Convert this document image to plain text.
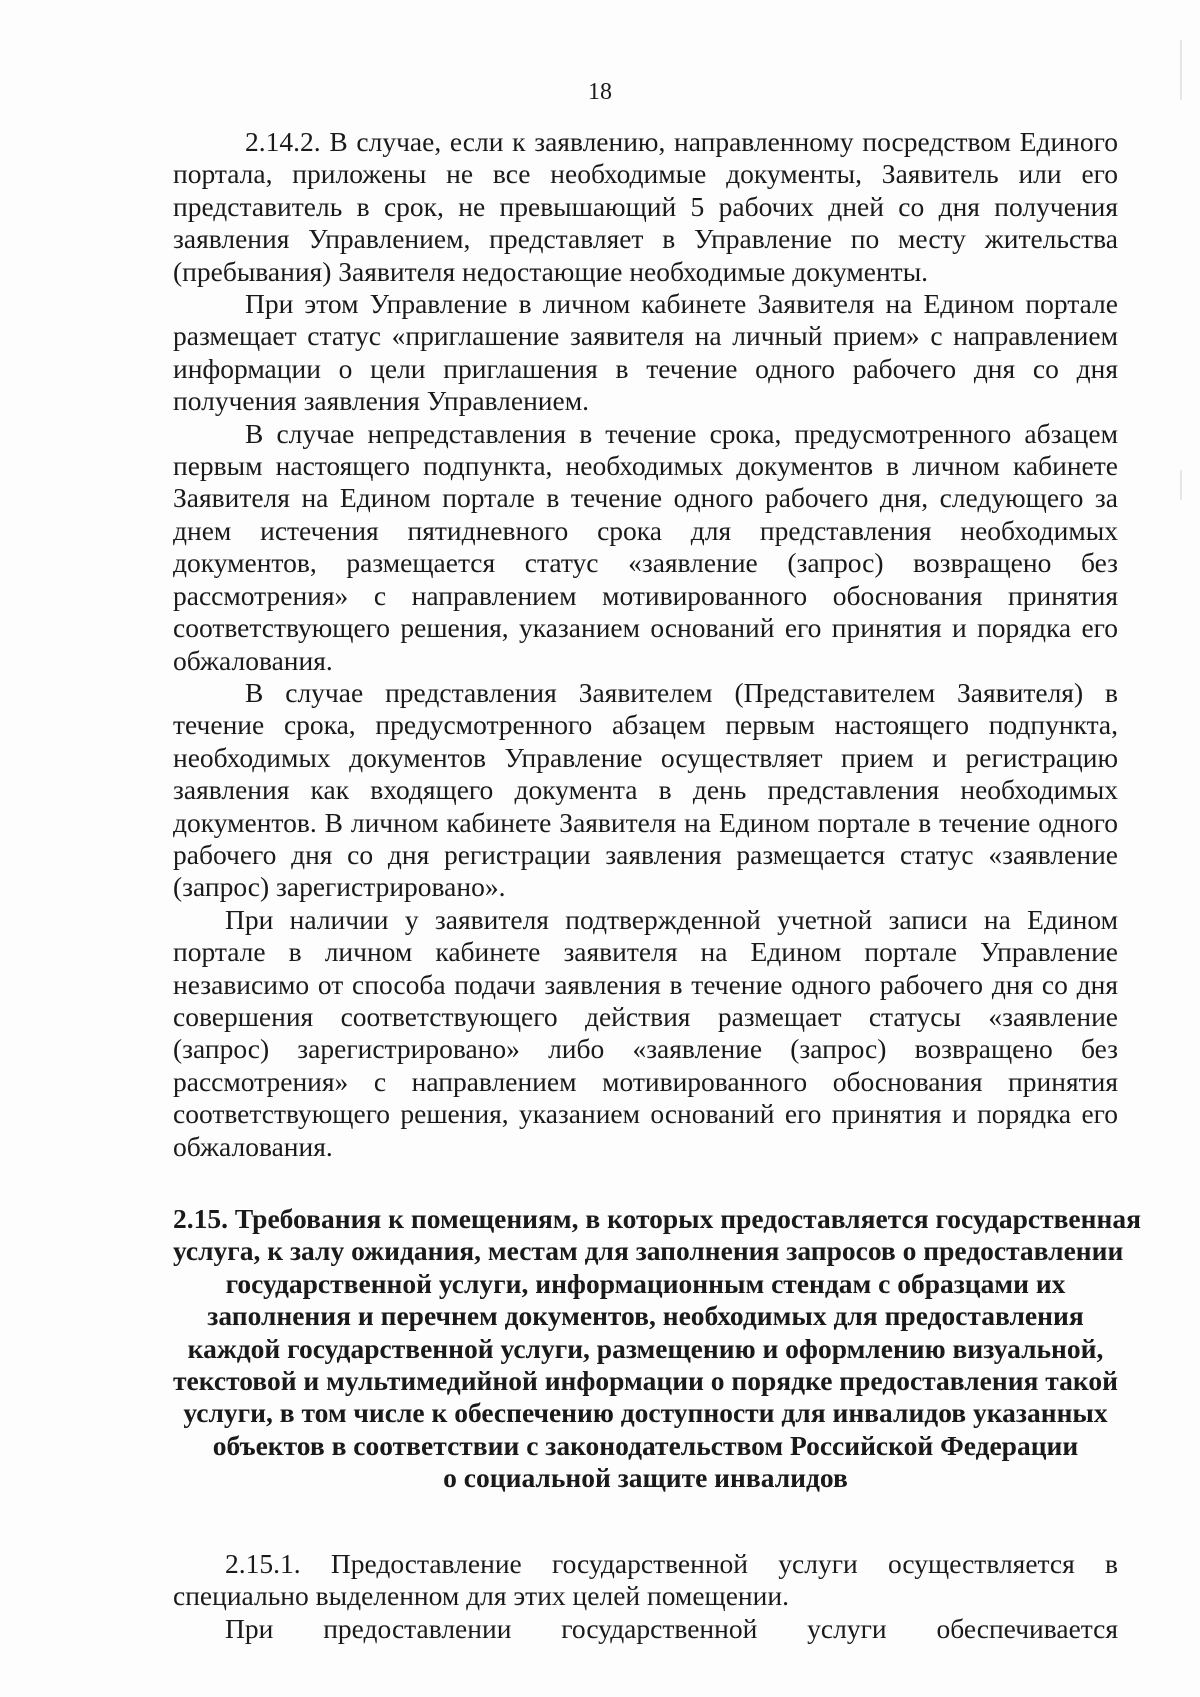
18

2.14.2. В случае, если к заявлению, направленному посредством Единого портала, приложены не все необходимые документы, Заявитель или его представитель в срок, не превышающий 5 рабочих дней со дня получения заявления Управлением, представляет в Управление по месту жительства (пребывания) Заявителя недостающие необходимые документы.

При этом Управление в личном кабинете Заявителя на Едином портале размещает статус «приглашение заявителя на личный прием» с направлением информации о цели приглашения в течение одного рабочего дня со дня получения заявления Управлением.

В случае непредставления в течение срока, предусмотренного абзацем первым настоящего подпункта, необходимых документов в личном кабинете Заявителя на Едином портале в течение одного рабочего дня, следующего за днем истечения пятидневного срока для представления необходимых документов, размещается статус «заявление (запрос) возвращено без рассмотрения» с направлением мотивированного обоснования принятия соответствующего решения, указанием оснований его принятия и порядка его обжалования.

В случае представления Заявителем (Представителем Заявителя) в течение срока, предусмотренного абзацем первым настоящего подпункта, необходимых документов Управление осуществляет прием и регистрацию заявления как входящего документа в день представления необходимых документов. В личном кабинете Заявителя на Едином портале в течение одного рабочего дня со дня регистрации заявления размещается статус «заявление (запрос) зарегистрировано».

При наличии у заявителя подтвержденной учетной записи на Едином портале в личном кабинете заявителя на Едином портале Управление независимо от способа подачи заявления в течение одного рабочего дня со дня совершения соответствующего действия размещает статусы «заявление (запрос) зарегистрировано» либо «заявление (запрос) возвращено без рассмотрения» с направлением мотивированного обоснования принятия соответствующего решения, указанием оснований его принятия и порядка его обжалования.

2.15. Требования к помещениям, в которых предоставляется государственная
услуга, к залу ожидания, местам для заполнения запросов о предоставлении
государственной услуги, информационным стендам с образцами их
заполнения и перечнем документов, необходимых для предоставления
каждой государственной услуги, размещению и оформлению визуальной,
текстовой и мультимедийной информации о порядке предоставления такой
услуги, в том числе к обеспечению доступности для инвалидов указанных
объектов в соответствии с законодательством Российской Федерации
о социальной защите инвалидов

2.15.1. Предоставление государственной услуги осуществляется в специально выделенном для этих целей помещении.

При предоставлении государственной услуги обеспечивается
